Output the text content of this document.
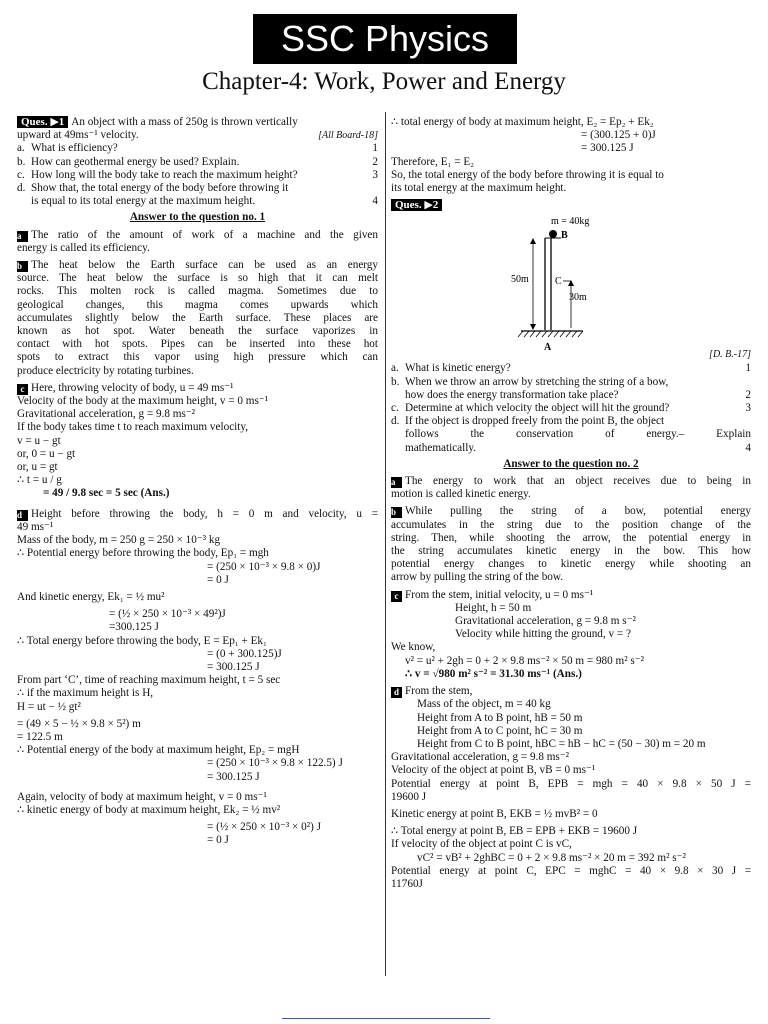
SSC Physics
Chapter-4: Work, Power and Energy
Ques. ▶1 An object with a mass of 250g is thrown vertically
upward at 49ms⁻¹ velocity.	[All Board-18]
a. What is efficiency?	1
b. How can geothermal energy be used? Explain.	2
c. How long will the body take to reach the maximum height?	3
d. Show that, the total energy of the body before throwing it
is equal to its total energy at the maximum height.	4
Answer to the question no. 1
a The ratio of the amount of work of a machine and the given
energy is called its efficiency.
b The heat below the Earth surface can be used as an energy
source. The heat below the surface is so high that it can melt
rocks. This molten rock is called magma. Sometimes due to
geological changes, this magma comes upwards which
accumulates slightly below the Earth surface. These places are
known as hot spot. Water beneath the surface vaporizes in
contact with hot spots. Pipes can be inserted into these hot
spots to extract this vapor using high pressure which can
produce electricity by rotating turbines.
c Here, throwing velocity of body, u = 49 ms⁻¹
Velocity of the body at the maximum height, v = 0 ms⁻¹
Gravitational acceleration, g = 9.8 ms⁻²
If the body takes time t to reach maximum velocity,
v = u − gt
or, 0 = u − gt
or, u = gt
∴ t = u / g
= 49 / 9.8 sec = 5 sec (Ans.)
d Height before throwing the body, h = 0 m and velocity, u =
49 ms⁻¹
Mass of the body, m = 250 g = 250 × 10⁻³ kg
∴ Potential energy before throwing the body, Ep₁ = mgh
= (250 × 10⁻³ × 9.8 × 0)J
= 0 J
And kinetic energy, Ek₁ = ½ mu²
= (½ × 250 × 10⁻³ × 49²)J
=300.125 J
∴ Total energy before throwing the body, E = Ep₁ + Ek₁
= (0 + 300.125)J
= 300.125 J
From part ‘C’, time of reaching maximum height, t = 5 sec
∴ if the maximum height is H,
H = ut − ½ gt²
= (49 × 5 − ½ × 9.8 × 5²) m
= 122.5 m
∴ Potential energy of the body at maximum height, Ep₂ = mgH
= (250 × 10⁻³ × 9.8 × 122.5) J
= 300.125 J
Again, velocity of body at maximum height, v = 0 ms⁻¹
∴ kinetic energy of body at maximum height, Ek₂ = ½ mv²
= (½ × 250 × 10⁻³ × 0²) J
= 0 J
∴ total energy of body at maximum height, E₂ = Ep₂ + Ek₂
= (300.125 + 0)J
= 300.125 J
Therefore, E₁ = E₂
So, the total energy of the body before throwing it is equal to
its total energy at the maximum height.
Ques. ▶2
m = 40kg
B
50m	C
30m
A
[D. B.-17]
a. What is kinetic energy?	1
b. When we throw an arrow by stretching the string of a bow,
how does the energy transformation take place?	2
c. Determine at which velocity the object will hit the ground?	3
d. If the object is dropped freely from the point B, the object
follows the conservation of energy.– Explain
mathematically.	4
Answer to the question no. 2
a The energy to work that an object receives due to being in
motion is called kinetic energy.
b While pulling the string of a bow, potential energy
accumulates in the string due to the position change of the
string. Then, while shooting the arrow, the potential energy in
the string accumulates kinetic energy in the bow. This how
potential energy changes to kinetic energy while shooting an
arrow by pulling the string of the bow.
c From the stem, initial velocity, u = 0 ms⁻¹
Height, h = 50 m
Gravitational acceleration, g = 9.8 m s⁻²
Velocity while hitting the ground, v = ?
We know,
v² = u² + 2gh = 0 + 2 × 9.8 ms⁻² × 50 m = 980 m² s⁻²
∴ v = √980 m² s⁻² = 31.30 ms⁻¹ (Ans.)
d From the stem,
Mass of the object, m = 40 kg
Height from A to B point, hB = 50 m
Height from A to C point, hC = 30 m
Height from C to B point, hBC = hB − hC = (50 − 30) m = 20 m
Gravitational acceleration, g = 9.8 ms⁻²
Velocity of the object at point B, vB = 0 ms⁻¹
Potential energy at point B, EPB = mgh = 40 × 9.8 × 50 J =
19600 J
Kinetic energy at point B, EKB = ½ mvB² = 0
∴ Total energy at point B, EB = EPB + EKB = 19600 J
If velocity of the object at point C is vC,
vC² = vB² + 2ghBC = 0 + 2 × 9.8 ms⁻² × 20 m = 392 m² s⁻²
Potential energy at point C, EPC = mghC = 40 × 9.8 × 30 J =
11760J
